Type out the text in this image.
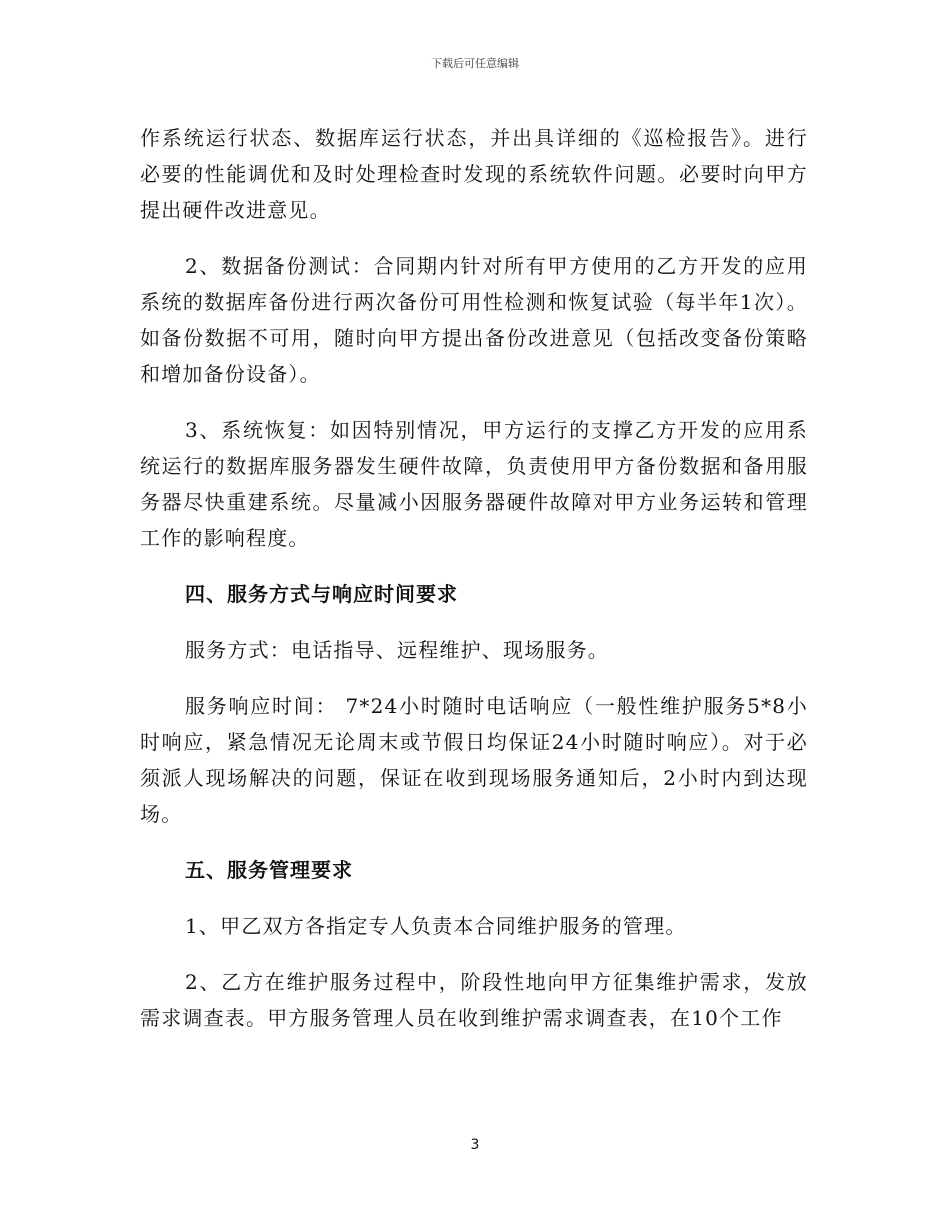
下载后可任意编辑

作系统运行状态、数据库运行状态，并出具详细的《巡检报告》。进行必要的性能调优和及时处理检查时发现的系统软件问题。必要时向甲方提出硬件改进意见。

2、数据备份测试：合同期内针对所有甲方使用的乙方开发的应用系统的数据库备份进行两次备份可用性检测和恢复试验（每半年1次）。如备份数据不可用，随时向甲方提出备份改进意见（包括改变备份策略和增加备份设备）。

3、系统恢复：如因特别情况，甲方运行的支撑乙方开发的应用系统运行的数据库服务器发生硬件故障，负责使用甲方备份数据和备用服务器尽快重建系统。尽量减小因服务器硬件故障对甲方业务运转和管理工作的影响程度。

四、服务方式与响应时间要求

服务方式：电话指导、远程维护、现场服务。

服务响应时间： 7*24小时随时电话响应（一般性维护服务5*8小时响应，紧急情况无论周末或节假日均保证24小时随时响应）。对于必须派人现场解决的问题，保证在收到现场服务通知后，2小时内到达现场。

五、服务管理要求

1、甲乙双方各指定专人负责本合同维护服务的管理。

2、乙方在维护服务过程中，阶段性地向甲方征集维护需求，发放需求调查表。甲方服务管理人员在收到维护需求调查表，在10个工作

3
